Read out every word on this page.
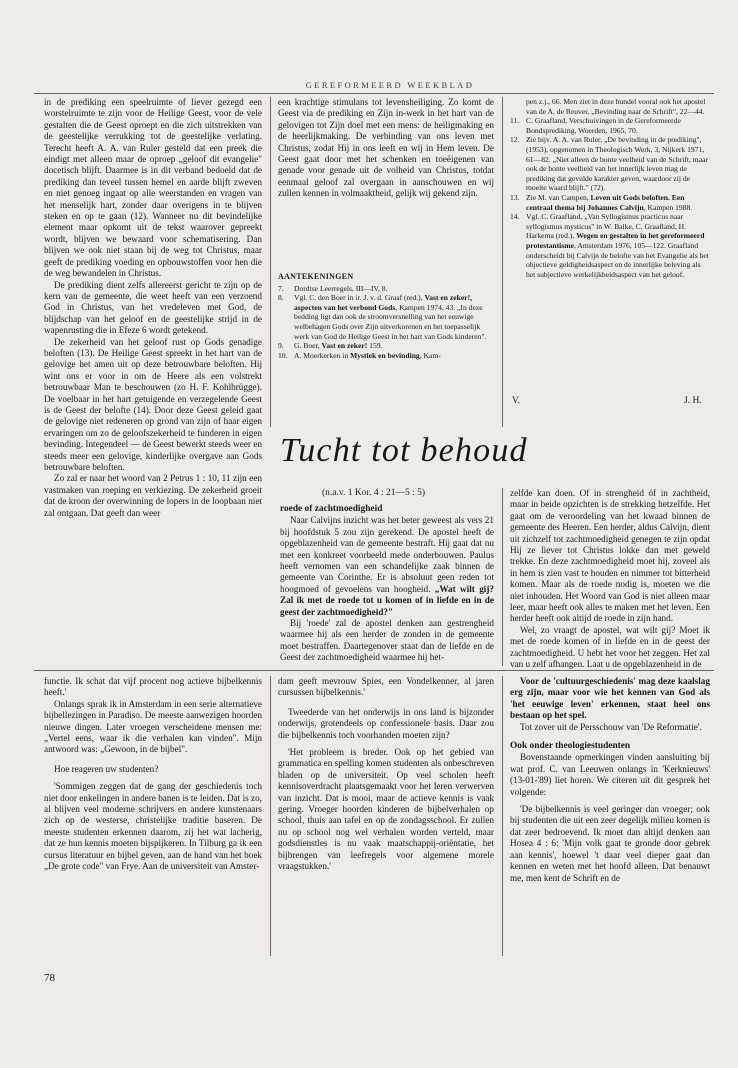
GEREFORMEERD WEEKBLAD

in de prediking een speelruimte of liever gezegd een worstelruimte te zijn voor de Heilige Geest, voor de vele gestalten die de Geest oproept en die zich uitstrekken van de geestelijke verrukking tot de geestelijke verlating. Terecht heeft A. A. van Ruler gesteld dat een preek die eindigt met alleen maar de oproep „geloof dit evangelie" docetisch blijft. Daarmee is in dit verband bedoeld dat de prediking dan teveel tussen hemel en aarde blijft zweven en niet genoeg ingaat op alle weerstanden en vragen van het menselijk hart, zonder daar overigens in te blijven steken en op te gaan (12). Wanneer nu dit bevindelijke element maar opkomt uit de tekst waarover gepreekt wordt, blijven we bewaard voor schematisering. Dan blijven we ook niet staan bij de weg tot Christus, maar geeft de prediking voeding en opbouwstoffen voor hen die de weg bewandelen in Christus.

De prediking dient zelfs allereerst gericht te zijn op de kern van de gemeente, die weet heeft van een verzoend God in Christus, van het vredeleven met God, de blijdschap van het geloof en de geestelijke strijd in de wapenrusting die in Efeze 6 wordt getekend.

De zekerheid van het geloof rust op Gods genadige beloften (13). De Heilige Geest spreekt in het hart van de gelovige het amen uit op deze betrouwbare beloften. Hij wint ons er voor in om de Heere als een volstrekt betrouwbaar Man te beschouwen (zo H. F. Kohlbrügge). De voelbaar in het hart getuigende en verzegelende Geest is de Geest der belofte (14). Door deze Geest geleid gaat de gelovige niet redeneren op grond van zijn of haar eigen ervaringen om zo de geloofszekerheid te funderen in eigen bevinding. Integendeel — de Geest bewerkt steeds weer en steeds meer een gelovige, kinderlijke overgave aan Gods betrouwbare beloften.

Zo zal er naar het woord van 2 Petrus 1 : 10, 11 zijn een vastmaken van roeping en verkiezing. De zekerheid groeit dat de kroon der overwinning de lopers in de loopbaan niet zal ontgaan. Dat geeft dan weer

een krachtige stimulans tot levensheiliging. Zo komt de Geest via de prediking en Zijn in-werk in het hart van de gelovigen tot Zijn doel met een mens: de heiligmaking en de heerlijkmaking. De verbinding van ons leven met Christus, zodat Hij in ons leeft en wij in Hem leven. De Geest gaat door met het schenken en toeëigenen van genade voor genade uit de volheid van Christus, totdat eenmaal geloof zal overgaan in aanschouwen en wij zullen kennen in volmaaktheid, gelijk wij gekend zijn.

AANTEKENINGEN
7. Dordtse Leerregels, III—IV, 8.
8. Vgl. C. den Boer in ir. J. v. d. Graaf (red.), Vast en zeker!, aspecten van het verbond Gods, Kampen 1974, 43. „In deze bedding ligt dan ook de stroomversnelling van het eeuwige welbehagen Gods over Zijn uitverkorenen en het toepasselijk werk van God de Heilige Geest in het hart van Gods kinderen".
9. G. Boer, Vast en zeker! 159.
10. A. Moerkerken in Mystiek en bevinding, Kam-
pen z.j., 66. Men ziet in deze bundel vooral ook het apostel van de A. de Reuver, „Bevinding naar de Schrift", 22—44.
11. C. Graafland, Verschuivingen in de Gereformeerde Bondsprediking, Woerden, 1965, 70.
12. Zie bijv. A. A. van Ruler, „De bevinding in de prediking", (1953), opgenomen in Theologisch Werk, 3, Nijkerk 1971, 61—82. „Niet alleen de bonte veelheid van de Schrift, maar ook de bonte veelheid van het innerlijk leven mag de prediking dat gevulde karakter geven, waardoor zij de moeite waard blijft." (72).
13. Zie M. van Campen, Leven uit Gods beloften. Een centraal thema bij Johannes Calvijn, Kampen 1988.
14. Vgl. C. Graafland, „Van Syllogismus practicus naar syllogismus mysticus" in W. Balke, C. Graafland, H. Harkema (red.), Wegen en gestalten in het gereformeerd protestantisme, Amsterdam 1976, 105—122. Graafland onderscheidt bij Calvijn de belofte van het Evangelie als het objectieve geldigheidsaspect en de innerlijke beleving als het subjectieve werkelijkheidsaspect van het geloof.
V.	J. H.
Tucht tot behoud
(n.a.v. 1 Kor. 4 : 21—5 : 5)

roede of zachtmoedigheid

Naar Calvijns inzicht was het beter geweest als vers 21 bij hoofdstuk 5 zou zijn gerekend. De apostel heeft de opgeblazenheid van de gemeente bestraft. Hij gaat dat nu met een konkreet voorbeeld mede onderbouwen. Paulus heeft vernomen van een schandelijke zaak binnen de gemeente van Corinthe. Er is absoluut geen reden tot hoogmoed of gevoelens van hoogheid. „Wat wilt gij? Zal ik met de roede tot u komen of in liefde en in de geest der zachtmoedigheid?"

Bij 'roede' zal de apostel denken aan gestrengheid waarmee hij als een herder de zonden in de gemeente moet bestraffen. Daartegenover staat dan de liefde en de Geest der zachtmoedigheid waarmee hij het-

zelfde kan doen. Of in strengheid óf in zachtheid, maar in beide opzichten is de strekking hetzelfde. Het gaat om de veroordeling van het kwaad binnen de gemeente des Heeren. Een herder, aldus Calvijn, dient uit zichzelf tot zachtmoedigheid genegen te zijn opdat Hij ze liever tot Christus lokke dan met geweld trekke. En deze zachtmoedigheid moet hij, zoveel als in hem is zien vast te houden en nimmer tot bitterheid komen. Maar als de roede nodig is, moeten we die niet inhouden. Het Woord van God is niet alleen maar leer, maar heeft ook alles te maken met het leven. Een herder heeft ook altijd de roede in zijn hand.

Wel, zo vraagt de apostel, wat wilt gij? Moet ik met de roede komen of in liefde en in de geest der zachtmoedigheid. U hebt het voor het zeggen. Het zal van u zelf afhangen. Laat u de opgeblazenheid in de

functie. Ik schat dat vijf procent nog actieve bijbelkennis heeft.'

Onlangs sprak ik in Amsterdam in een serie alternatieve bijbellezingen in Paradiso. De meeste aanwezigen hoorden nieuwe dingen. Later vroegen verscheidene mensen me: „Vertel eens, waar ik die verhalen kan vinden". Mijn antwoord was: „Gewoon, in de bijbel".

Hoe reageren uw studenten?

'Sommigen zeggen dat de gang der geschiedenis toch niet door enkelingen in andere banen is te leiden. Dat is zo, al blijven veel moderne schrijvers en andere kunstenaars zich op de westerse, christelijke traditie baseren. De meeste studenten erkennen daarom, zij het wat lacherig, dat ze hun kennis moeten bijspijkeren. In Tilburg ga ik een cursus literatuur en bijbel geven, aan de hand van het boek „De grote code" van Frye. Aan de universiteit van Amster-

dam geeft mevrouw Spies, een Vondelkenner, al jaren cursussen bijbelkennis.'

Tweederde van het onderwijs in ons land is bijzonder onderwijs, grotendeels op confessionele basis. Daar zou die bijbelkennis toch voorhanden moeten zijn?

'Het probleem is breder. Ook op het gebied van grammatica en spelling komen studenten als onbeschreven bladen op de universiteit. Op veel scholen heeft kennisoverdracht plaatsgemaakt voor het leren verwerven van inzicht. Dat is mooi, maar de actieve kennis is vaak gering. Vroeger hoorden kinderen de bijbelverhalen op school, thuis aan tafel en op de zondagsschool. Er zullen nu op school nog wel verhalen worden verteld, maar godsdienstles is nu vaak maatschappij-oriëntatie, het bijbrengen van leefregels voor algemene morele vraagstukken.'

Voor de 'cultuurgeschiedenis' mag deze kaalslag erg zijn, maar voor wie het kennen van God als 'het eeuwige leven' erkennen, staat heel ons bestaan op het spel.

Tot zover uit de Persschouw van 'De Reformatie'.

Ook onder theologiestudenten

Bovenstaande opmerkingen vinden aansluiting bij wat prof. C. van Leeuwen onlangs in 'Kerknieuws' (13-01-'89) liet horen. We citeren uit dit gesprek het volgende:

'De bijbelkennis is veel geringer dan vroeger; ook bij studenten die uit een zeer degelijk milieu komen is dat zeer bedroevend. Ik moet dan altijd denken aan Hosea 4 : 6: 'Mijn volk gaat te gronde door gebrek aan kennis', hoewel 't daar veel dieper gaat dan kennen en weten met het hoofd alleen. Dat benauwt me, men kent de Schrift en de

78
